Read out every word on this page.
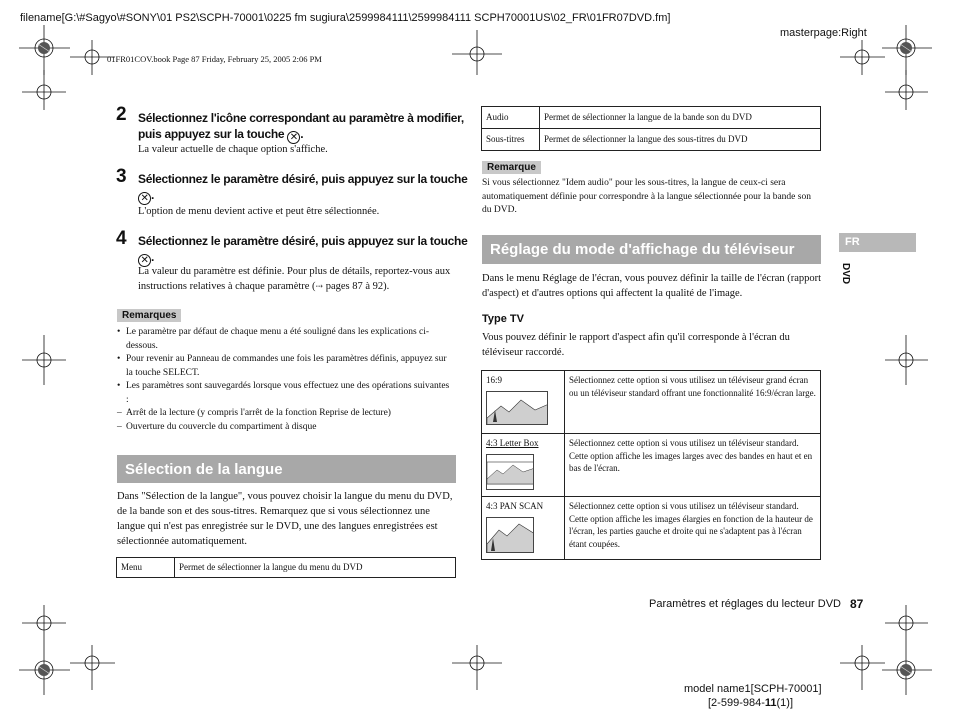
filename[G:\#Sagyo\#SONY\01 PS2\SCPH-70001\0225 fm sugiura\2599984111\2599984111 SCPH70001US\02_FR\01FR07DVD.fm]
masterpage:Right
01FR01COV.book Page 87 Friday, February 25, 2005 2:06 PM
2 Sélectionnez l'icône correspondant au paramètre à modifier, puis appuyez sur la touche ✕ .
La valeur actuelle de chaque option s'affiche.
3 Sélectionnez le paramètre désiré, puis appuyez sur la touche ✕ .
L'option de menu devient active et peut être sélectionnée.
4 Sélectionnez le paramètre désiré, puis appuyez sur la touche ✕ .
La valeur du paramètre est définie. Pour plus de détails, reportez-vous aux instructions relatives à chaque paramètre (⇢ pages 87 à 92).
Remarques
• Le paramètre par défaut de chaque menu a été souligné dans les explications ci-dessous.
• Pour revenir au Panneau de commandes une fois les paramètres définis, appuyez sur la touche SELECT.
• Les paramètres sont sauvegardés lorsque vous effectuez une des opérations suivantes :
– Arrêt de la lecture (y compris l'arrêt de la fonction Reprise de lecture)
– Ouverture du couvercle du compartiment à disque
Sélection de la langue
Dans "Sélection de la langue", vous pouvez choisir la langue du menu du DVD, de la bande son et des sous-titres. Remarquez que si vous sélectionnez une langue qui n'est pas enregistrée sur le DVD, une des langues enregistrées est sélectionnée automatiquement.
Menu	Permet de sélectionner la langue du menu du DVD
Audio	Permet de sélectionner la langue de la bande son du DVD
Sous-titres	Permet de sélectionner la langue des sous-titres du DVD
Remarque
Si vous sélectionnez "Idem audio" pour les sous-titres, la langue de ceux-ci sera automatiquement définie pour correspondre à la langue sélectionnée pour la bande son du DVD.
Réglage du mode d'affichage du téléviseur
Dans le menu Réglage de l'écran, vous pouvez définir la taille de l'écran (rapport d'aspect) et d'autres options qui affectent la qualité de l'image.
Type TV
Vous pouvez définir le rapport d'aspect afin qu'il corresponde à l'écran du téléviseur raccordé.
16:9	Sélectionnez cette option si vous utilisez un téléviseur grand écran ou un téléviseur standard offrant une fonctionnalité 16:9/écran large.

4:3 Letter Box	Sélectionnez cette option si vous utilisez un téléviseur standard. Cette option affiche les images larges avec des bandes en haut et en bas de l'écran.

4:3 PAN SCAN	Sélectionnez cette option si vous utilisez un téléviseur standard. Cette option affiche les images élargies en fonction de la hauteur de l'écran, les parties gauche et droite qui ne s'adaptent pas à l'écran étant coupées.
FR
DVD
Paramètres et réglages du lecteur DVD 87
model name1[SCPH-70001]
[2-599-984-11(1)]
